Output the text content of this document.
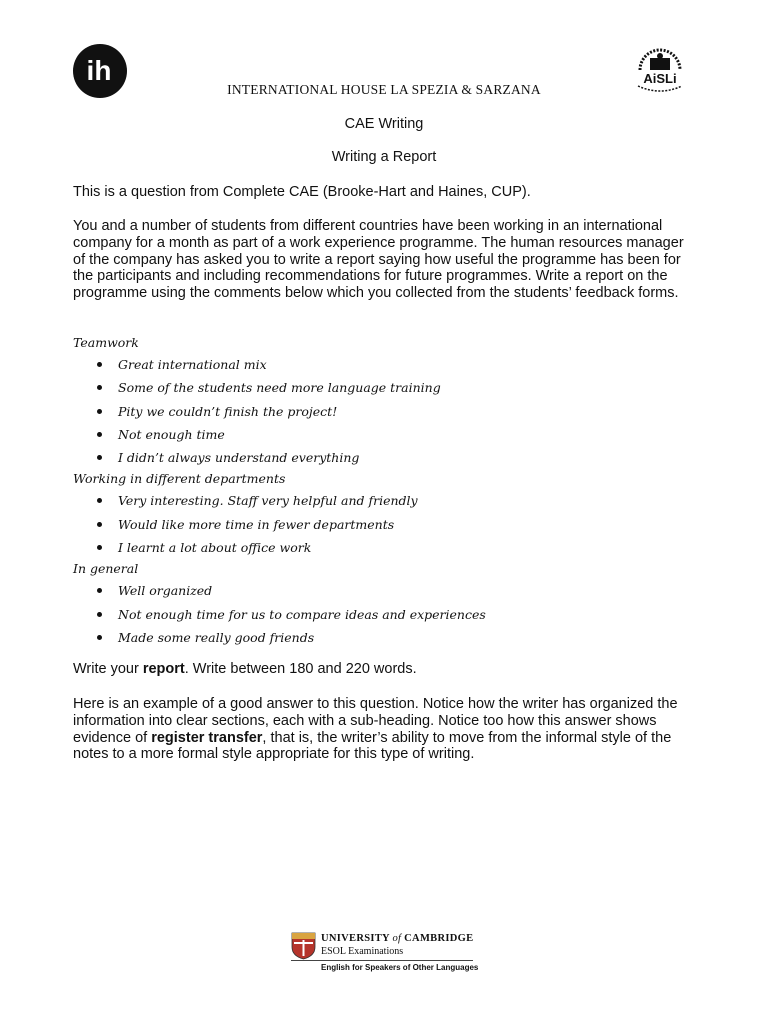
ih	AiSLi
INTERNATIONAL HOUSE LA SPEZIA & SARZANA
CAE Writing
Writing a Report

This is a question from Complete CAE (Brooke-Hart and Haines, CUP).

You and a number of students from different countries have been working in an international company for a month as part of a work experience programme. The human resources manager of the company has asked you to write a report saying how useful the programme has been for the participants and including recommendations for future programmes. Write a report on the programme using the comments below which you collected from the students’ feedback forms.

Teamwork
Great international mix
Some of the students need more language training
Pity we couldn’t finish the project!
Not enough time
I didn’t always understand everything
Working in different departments
Very interesting. Staff very helpful and friendly
Would like more time in fewer departments
I learnt a lot about office work
In general
Well organized
Not enough time for us to compare ideas and experiences
Made some really good friends

Write your report. Write between 180 and 220 words.

Here is an example of a good answer to this question. Notice how the writer has organized the information into clear sections, each with a sub-heading. Notice too how this answer shows evidence of register transfer, that is, the writer’s ability to move from the informal style of the notes to a more formal style appropriate for this type of writing.

UNIVERSITY of CAMBRIDGE
ESOL Examinations
English for Speakers of Other Languages
